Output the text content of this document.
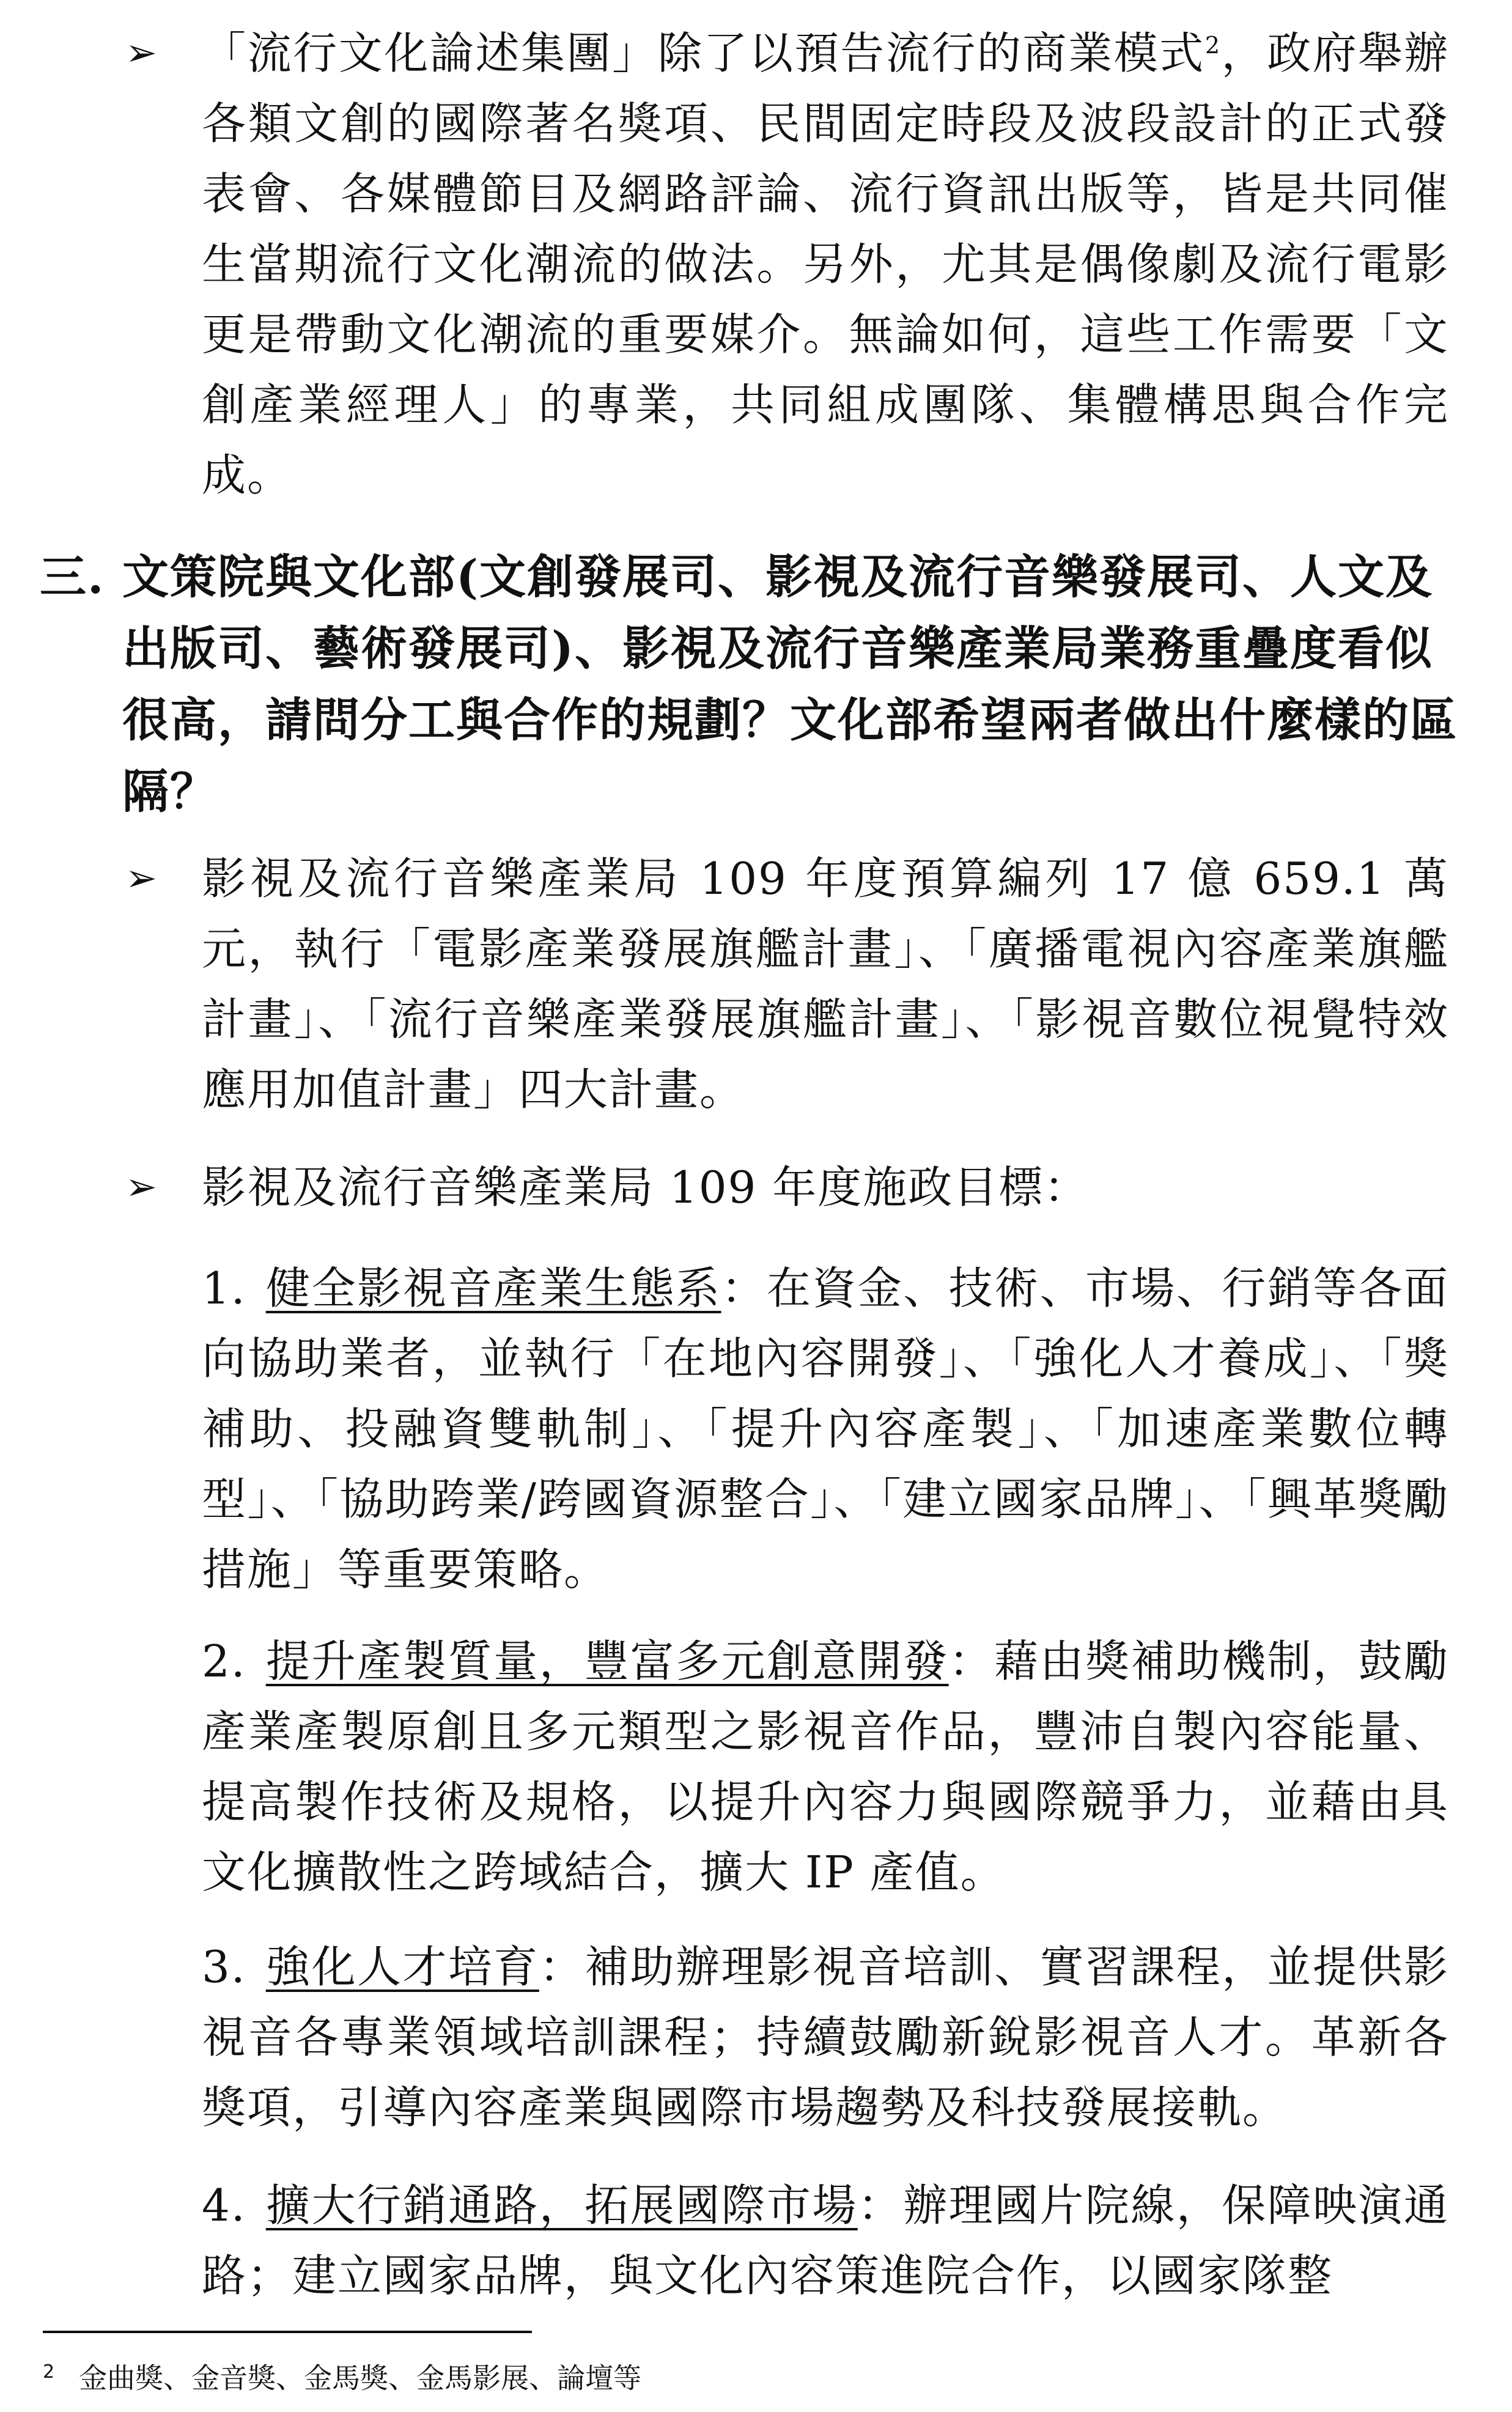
➢ 「流行文化論述集團」除了以預告流行的商業模式$^2$，政府舉辦各類文創的國際著名獎項、民間固定時段及波段設計的正式發表會、各媒體節目及網路評論、流行資訊出版等，皆是共同催生當期流行文化潮流的做法。另外，尤其是偶像劇及流行電影更是帶動文化潮流的重要媒介。無論如何，這些工作需要「文創產業經理人」的專業，共同組成團隊、集體構思與合作完成。
三. 文策院與文化部(文創發展司、影視及流行音樂發展司、人文及出版司、藝術發展司)、影視及流行音樂產業局業務重疊度看似很高，請問分工與合作的規劃？文化部希望兩者做出什麼樣的區隔？
➢ 影視及流行音樂產業局 109 年度預算編列 17 億 659.1 萬元，執行「電影產業發展旗艦計畫」、「廣播電視內容產業旗艦計畫」、「流行音樂產業發展旗艦計畫」、「影視音數位視覺特效應用加值計畫」四大計畫。
➢ 影視及流行音樂產業局 109 年度施政目標：
1. 健全影視音產業生態系：在資金、技術、市場、行銷等各面向協助業者，並執行「在地內容開發」、「強化人才養成」、「獎補助、投融資雙軌制」、「提升內容產製」、「加速產業數位轉型」、「協助跨業/跨國資源整合」、「建立國家品牌」、「興革獎勵措施」等重要策略。
2. 提升產製質量，豐富多元創意開發：藉由獎補助機制，鼓勵產業產製原創且多元類型之影視音作品，豐沛自製內容能量、提高製作技術及規格，以提升內容力與國際競爭力，並藉由具文化擴散性之跨域結合，擴大 IP 產值。
3. 強化人才培育：補助辦理影視音培訓、實習課程，並提供影視音各專業領域培訓課程；持續鼓勵新銳影視音人才。革新各獎項，引導內容產業與國際市場趨勢及科技發展接軌。
4. 擴大行銷通路，拓展國際市場：辦理國片院線，保障映演通路；建立國家品牌，與文化內容策進院合作，以國家隊整
$^2$ 金曲獎、金音獎、金馬獎、金馬影展、論壇等
